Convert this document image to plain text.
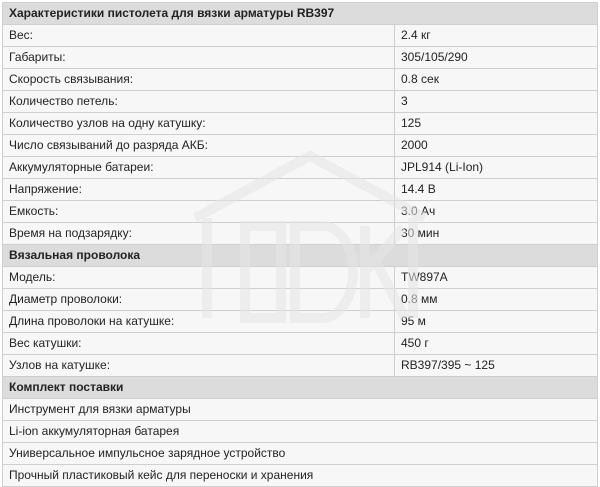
Характеристики пистолета для вязки арматуры RB397	
Вес:	2.4 кг
Габариты:	305/105/290
Скорость связывания:	0.8 сек
Количество петель:	3
Количество узлов на одну катушку:	125
Число связываний до разряда АКБ:	2000
Аккумуляторные батареи:	JPL914 (Li-Ion)
Напряжение:	14.4 В
Емкость:	3.0 Ач
Время на подзарядку:	30 мин
Вязальная проволока	
Модель:	TW897A
Диаметр проволоки:	0.8 мм
Длина проволоки на катушке:	95 м
Вес катушки:	450 г
Узлов на катушке:	RB397/395 ~ 125
Комплект поставки	
Инструмент для вязки арматуры	
Li-ion аккумуляторная батарея	
Универсальное импульсное зарядное устройство	
Прочный пластиковый кейс для переноски и хранения	
